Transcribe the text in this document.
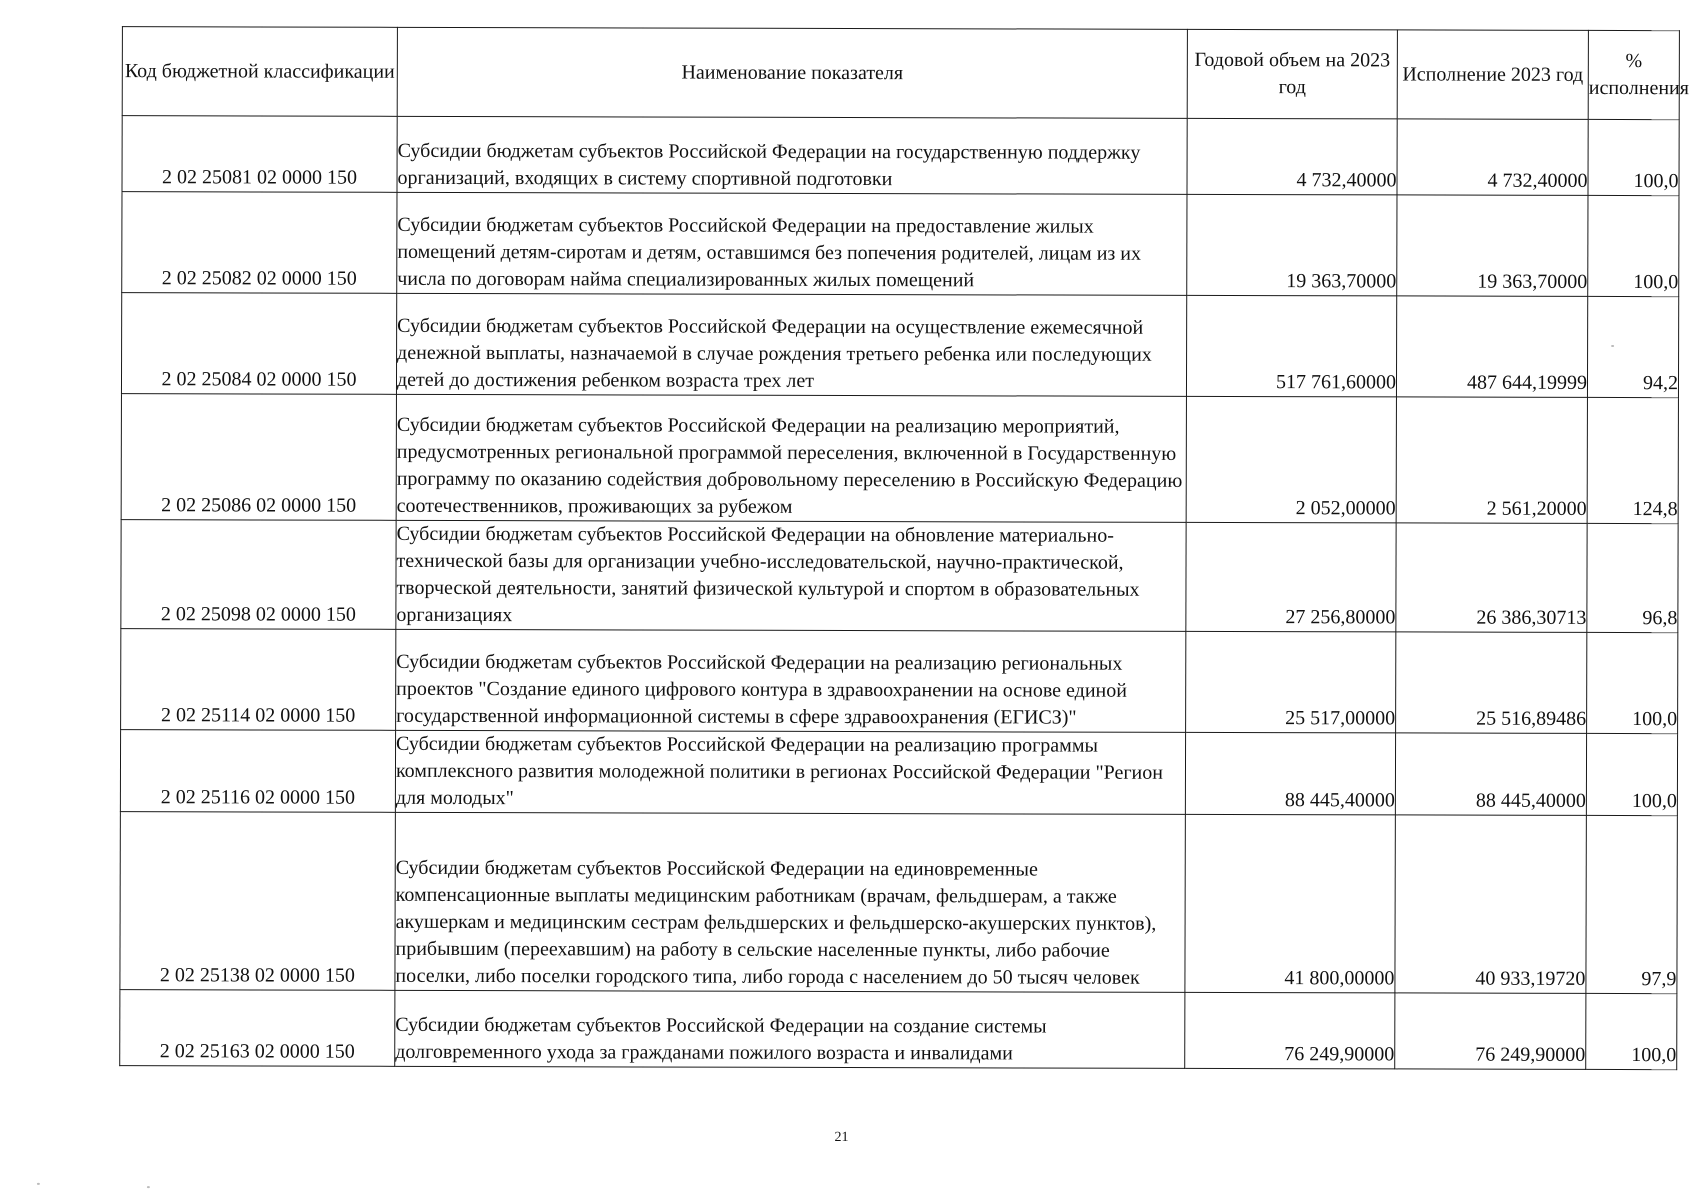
Код бюджетной классификации	Наименование показателя	Годовой объем на 2023 год	Исполнение 2023 год	% исполнения
2 02 25081 02 0000 150	Субсидии бюджетам субъектов Российской Федерации на государственную поддержку организаций, входящих в систему спортивной подготовки	4 732,40000	4 732,40000	100,0
2 02 25082 02 0000 150	Субсидии бюджетам субъектов Российской Федерации на предоставление жилых помещений детям-сиротам и детям, оставшимся без попечения родителей, лицам из их числа по договорам найма специализированных жилых помещений	19 363,70000	19 363,70000	100,0
2 02 25084 02 0000 150	Субсидии бюджетам субъектов Российской Федерации на осуществление ежемесячной денежной выплаты, назначаемой в случае рождения третьего ребенка или последующих детей до достижения ребенком возраста трех лет	517 761,60000	487 644,19999	94,2
2 02 25086 02 0000 150	Субсидии бюджетам субъектов Российской Федерации на реализацию мероприятий, предусмотренных региональной программой переселения, включенной в Государственную программу по оказанию содействия добровольному переселению в Российскую Федерацию соотечественников, проживающих за рубежом	2 052,00000	2 561,20000	124,8
2 02 25098 02 0000 150	Субсидии бюджетам субъектов Российской Федерации на обновление материально-технической базы для организации учебно-исследовательской, научно-практической, творческой деятельности, занятий физической культурой и спортом в образовательных организациях	27 256,80000	26 386,30713	96,8
2 02 25114 02 0000 150	Субсидии бюджетам субъектов Российской Федерации на реализацию региональных проектов "Создание единого цифрового контура в здравоохранении на основе единой государственной информационной системы в сфере здравоохранения (ЕГИСЗ)"	25 517,00000	25 516,89486	100,0
2 02 25116 02 0000 150	Субсидии бюджетам субъектов Российской Федерации на реализацию программы комплексного развития молодежной политики в регионах Российской Федерации "Регион для молодых"	88 445,40000	88 445,40000	100,0
2 02 25138 02 0000 150	Субсидии бюджетам субъектов Российской Федерации на единовременные компенсационные выплаты медицинским работникам (врачам, фельдшерам, а также акушеркам и медицинским сестрам фельдшерских и фельдшерско-акушерских пунктов), прибывшим (переехавшим) на работу в сельские населенные пункты, либо рабочие поселки, либо поселки городского типа, либо города с населением до 50 тысяч человек	41 800,00000	40 933,19720	97,9
2 02 25163 02 0000 150	Субсидии бюджетам субъектов Российской Федерации на создание системы долговременного ухода за гражданами пожилого возраста и инвалидами	76 249,90000	76 249,90000	100,0
21
